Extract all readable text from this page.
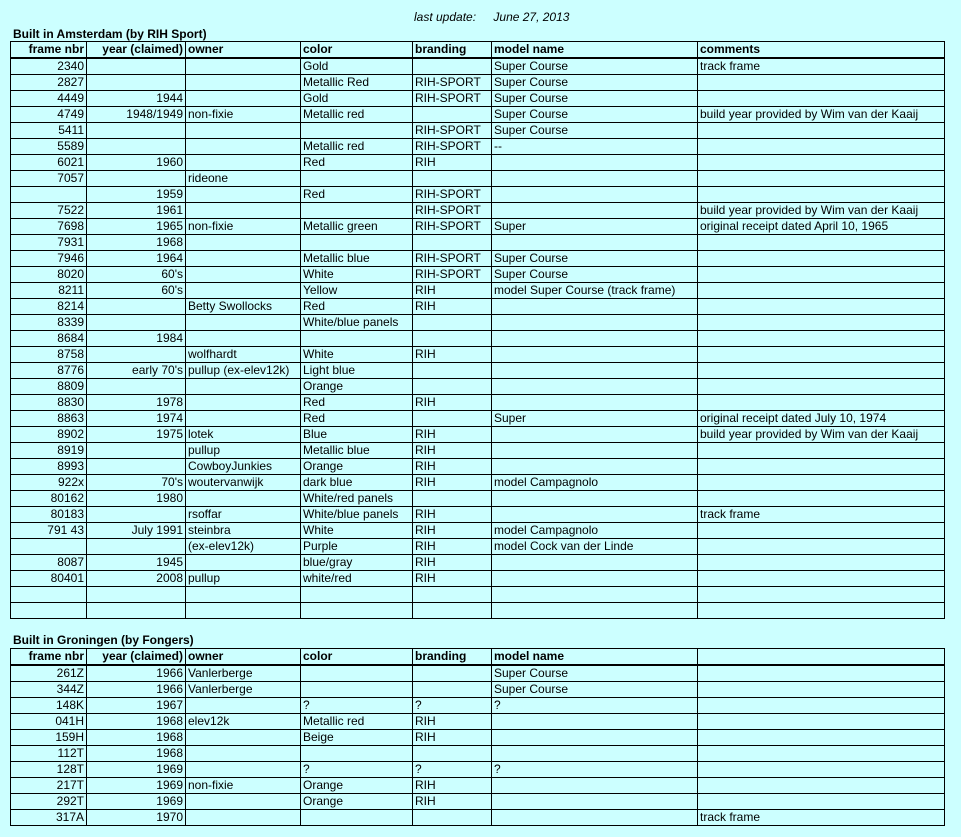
last update: June 27, 2013
Built in Amsterdam (by RIH Sport)
frame nbr	year (claimed)	owner	color	branding	model name	comments
2340			Gold		Super Course	track frame
2827			Metallic Red	RIH-SPORT	Super Course	
4449	1944		Gold	RIH-SPORT	Super Course	
4749	1948/1949	non-fixie	Metallic red		Super Course	build year provided by Wim van der Kaaij
5411				RIH-SPORT	Super Course	
5589			Metallic red	RIH-SPORT	--	
6021	1960		Red	RIH		
7057		rideone				
	1959		Red	RIH-SPORT		
7522	1961			RIH-SPORT		build year provided by Wim van der Kaaij
7698	1965	non-fixie	Metallic green	RIH-SPORT	Super	original receipt dated April 10, 1965
7931	1968					
7946	1964		Metallic blue	RIH-SPORT	Super Course	
8020	60's		White	RIH-SPORT	Super Course	
8211	60's		Yellow	RIH	model Super Course (track frame)	
8214		Betty Swollocks	Red	RIH		
8339			White/blue panels			
8684	1984					
8758		wolfhardt	White	RIH		
8776	early 70's	pullup (ex-elev12k)	Light blue			
8809			Orange			
8830	1978		Red	RIH		
8863	1974		Red		Super	original receipt dated July 10, 1974
8902	1975	lotek	Blue	RIH		build year provided by Wim van der Kaaij
8919		pullup	Metallic blue	RIH		
8993		CowboyJunkies	Orange	RIH		
922x	70's	woutervanwijk	dark blue	RIH	model Campagnolo	
80162	1980		White/red panels			
80183		rsoffar	White/blue panels	RIH		track frame
791 43	July 1991	steinbra	White	RIH	model Campagnolo	
		(ex-elev12k)	Purple	RIH	model Cock van der Linde	
8087	1945		blue/gray	RIH		
80401	2008	pullup	white/red	RIH		

Built in Groningen (by Fongers)
frame nbr	year (claimed)	owner	color	branding	model name	
261Z	1966	Vanlerberge			Super Course	
344Z	1966	Vanlerberge			Super Course	
148K	1967		?	?	?	
041H	1968	elev12k	Metallic red	RIH		
159H	1968		Beige	RIH		
112T	1968					
128T	1969		?	?	?	
217T	1969	non-fixie	Orange	RIH		
292T	1969		Orange	RIH		
317A	1970					track frame
